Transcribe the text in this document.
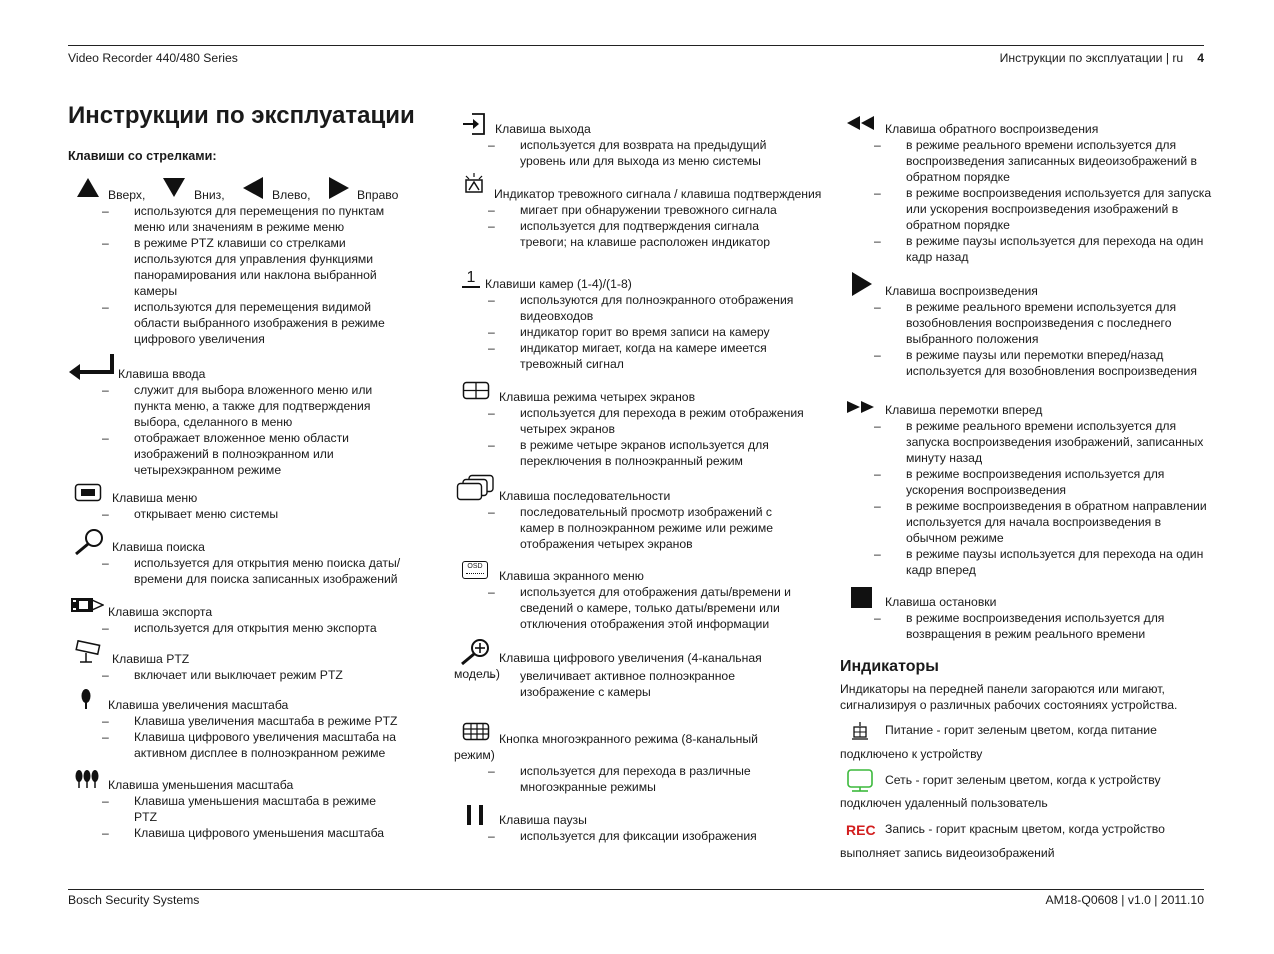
Video Recorder 440/480 Series	Инструкции по эксплуатации | ru 4
Инструкции по эксплуатации
Клавиши со стрелками:
Вверх,	Вниз,	Влево,	Вправо
– используются для перемещения по пунктам меню или значениям в режиме меню
– в режиме PTZ клавиши со стрелками используются для управления функциями панорамирования или наклона выбранной камеры
– используются для перемещения видимой области выбранного изображения в режиме цифрового увеличения
Клавиша ввода
– служит для выбора вложенного меню или пункта меню, а также для подтверждения выбора, сделанного в меню
– отображает вложенное меню области изображений в полноэкранном или четырехэкранном режиме
Клавиша меню
– открывает меню системы
Клавиша поиска
– используется для открытия меню поиска даты/времени для поиска записанных изображений
Клавиша экспорта
– используется для открытия меню экспорта
Клавиша PTZ
– включает или выключает режим PTZ
Клавиша увеличения масштаба
– Клавиша увеличения масштаба в режиме PTZ
– Клавиша цифрового увеличения масштаба на активном дисплее в полноэкранном режиме
Клавиша уменьшения масштаба
– Клавиша уменьшения масштаба в режиме PTZ
– Клавиша цифрового уменьшения масштаба
Клавиша выхода
– используется для возврата на предыдущий уровень или для выхода из меню системы
Индикатор тревожного сигнала / клавиша подтверждения
– мигает при обнаружении тревожного сигнала
– используется для подтверждения сигнала тревоги; на клавише расположен индикатор
1 Клавиши камер (1-4)/(1-8)
– используются для полноэкранного отображения видеовходов
– индикатор горит во время записи на камеру
– индикатор мигает, когда на камере имеется тревожный сигнал
Клавиша режима четырех экранов
– используется для перехода в режим отображения четырех экранов
– в режиме четыре экранов используется для переключения в полноэкранный режим
Клавиша последовательности
– последовательный просмотр изображений с камер в полноэкранном режиме или режиме отображения четырех экранов
OSD
Клавиша экранного меню
– используется для отображения даты/времени и сведений о камере, только даты/времени или отключения отображения этой информации
Клавиша цифрового увеличения (4-канальная модель)
–	увеличивает активное полноэкранное изображение с камеры
Кнопка многоэкранного режима (8-канальный режим)
– используется для перехода в различные многоэкранные режимы
Клавиша паузы
– используется для фиксации изображения
Клавиша обратного воспроизведения
– в режиме реального времени используется для воспроизведения записанных видеоизображений в обратном порядке
– в режиме воспроизведения используется для запуска или ускорения воспроизведения изображений в обратном порядке
– в режиме паузы используется для перехода на один кадр назад
Клавиша воспроизведения
– в режиме реального времени используется для возобновления воспроизведения с последнего выбранного положения
– в режиме паузы или перемотки вперед/назад используется для возобновления воспроизведения
Клавиша перемотки вперед
– в режиме реального времени используется для запуска воспроизведения изображений, записанных минуту назад
– в режиме воспроизведения используется для ускорения воспроизведения
– в режиме воспроизведения в обратном направлении используется для начала воспроизведения в обычном режиме
– в режиме паузы используется для перехода на один кадр вперед
Клавиша остановки
– в режиме воспроизведения используется для возвращения в режим реального времени
Индикаторы
Индикаторы на передней панели загораются или мигают, сигнализируя о различных рабочих состояниях устройства.
Питание - горит зеленым цветом, когда питание
подключено к устройству
Сеть - горит зеленым цветом, когда к устройству
подключен удаленный пользователь
REC Запись - горит красным цветом, когда устройство
выполняет запись видеоизображений
Bosch Security Systems	AM18-Q0608 | v1.0 | 2011.10
